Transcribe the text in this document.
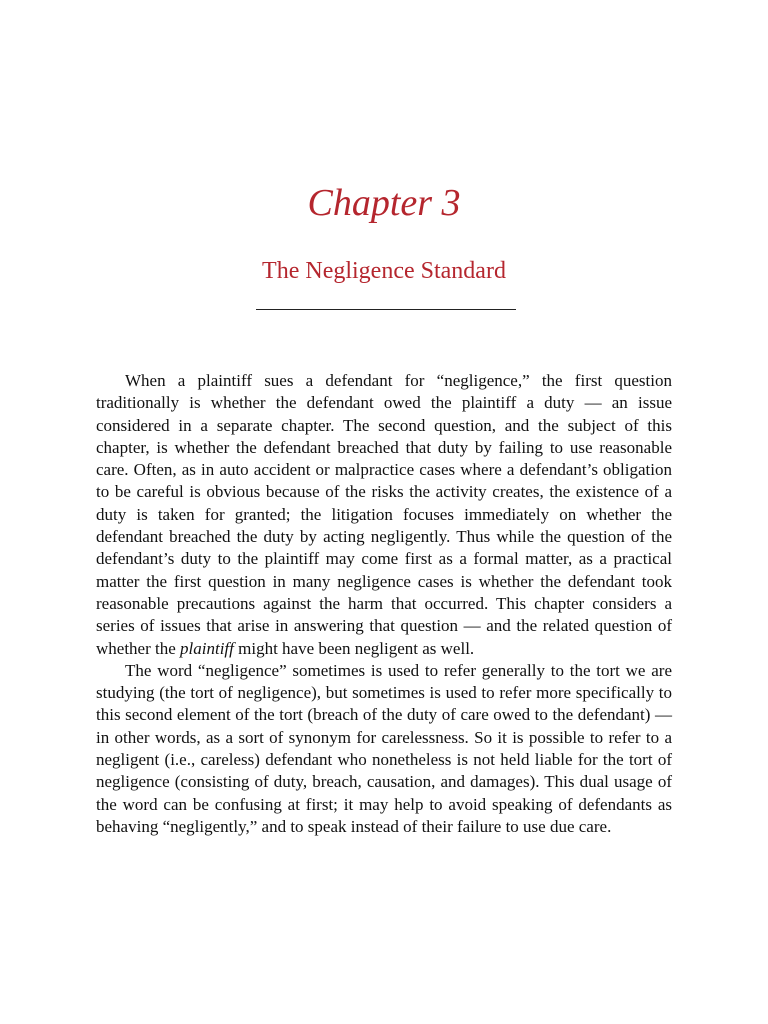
Chapter 3
The Negligence Standard

When a plaintiff sues a defendant for “negligence,” the first question traditionally is whether the defendant owed the plaintiff a duty — an issue considered in a separate chapter. The second question, and the subject of this chapter, is whether the defendant breached that duty by failing to use reasonable care. Often, as in auto accident or malpractice cases where a defendant’s obligation to be careful is obvious because of the risks the activity creates, the existence of a duty is taken for granted; the litigation focuses immediately on whether the defendant breached the duty by acting negligently. Thus while the question of the defendant’s duty to the plaintiff may come first as a formal matter, as a practical matter the first question in many negligence cases is whether the defendant took reasonable precautions against the harm that occurred. This chapter considers a series of issues that arise in answering that question — and the related question of whether the plaintiff might have been negligent as well.

The word “negligence” sometimes is used to refer generally to the tort we are studying (the tort of negligence), but sometimes is used to refer more specifically to this second element of the tort (breach of the duty of care owed to the defendant) — in other words, as a sort of synonym for carelessness. So it is possible to refer to a negligent (i.e., careless) defendant who nonetheless is not held liable for the tort of negligence (consisting of duty, breach, causation, and damages). This dual usage of the word can be confusing at first; it may help to avoid speaking of defendants as behaving “negligently,” and to speak instead of their failure to use due care.
